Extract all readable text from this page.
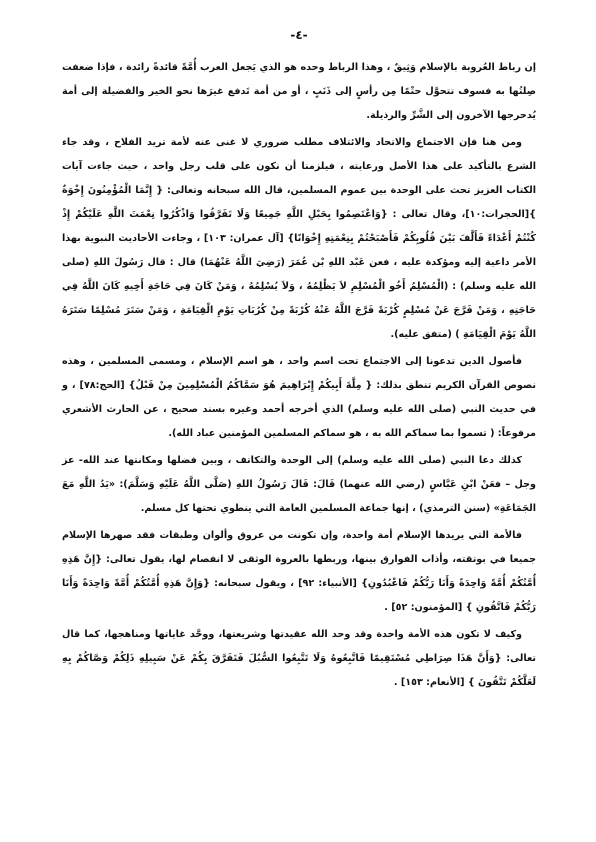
-٤-

إن رباط العُروبة بالإسلام وَثِيقٌ ، وهذا الرباط وحده هو الذي يَجعل العرب أُمَّةً قائدةً رائدة ، فإذا ضعفت صِلتُها به فسوف تتحوَّل حتْمًا مِن رأسٍ إلى ذَنَبٍ ، أو من أمة تَدفع غيرَها نحو الخير والفضيلة إلى أمة يُدحرجها الآخرون إلى الشَّرِّ والرذيلة.

ومن هنا فإن الاجتماع والاتحاد والائتلاف مطلب ضروري لا غنى عنه لأمة تريد الفلاح ، وقد جاء الشرع بالتأكيد على هذا الأصل ورعايته ، فيلزمنا أن نكون على قلب رجل واحد ، حيث جاءت آيات الكتاب العزيز تحث على الوحدة بين عموم المسلمين، قال الله سبحانه وتعالى: { إِنَّمَا الْمُؤْمِنُونَ إِخْوَةٌ }[الحجرات:١٠]، وقال تعالى : {وَاعْتَصِمُوا بِحَبْلِ اللَّهِ جَمِيعًا وَلَا تَفَرَّقُوا وَاذْكُرُوا نِعْمَتَ اللَّهِ عَلَيْكُمْ إِذْ كُنْتُمْ أَعْدَاءً فَأَلَّفَ بَيْنَ قُلُوبِكُمْ فَأَصْبَحْتُمْ بِنِعْمَتِهِ إِخْوَانًا} [آل عمران: ١٠٣] ، وجاءت الأحاديث النبوية بهذا الأمر داعية إليه ومؤكدة عليه ، فعن عَبْد اللهِ بْن عُمَرَ (رَضِيَ اللَّهُ عَنْهُمَا) قال : قال رَسُولَ اللهِ (صلى الله عليه وسلم) : (الْمُسْلِمُ أَخُو الْمُسْلِمِ لاَ يَظْلِمُهُ ، وَلاَ يُسْلِمُهُ ، وَمَنْ كَانَ فِي حَاجَةِ أَخِيهِ كَانَ اللَّهُ فِي حَاجَتِهِ ، وَمَنْ فَرَّجَ عَنْ مُسْلِمٍ كُرْبَةً فَرَّجَ اللَّهُ عَنْهُ كُرْبَةً مِنْ كُرُبَاتِ يَوْمِ الْقِيَامَةِ ، وَمَنْ سَتَرَ مُسْلِمًا سَتَرَهُ اللَّهُ يَوْمَ الْقِيَامَةِ ) (متفق عليه).

فأصول الدين تدعونا إلى الاجتماع تحت اسم واحد ، هو اسم الإسلام ، ومسمى المسلمين ، وهذه نصوص القرآن الكريم تنطق بذلك: { مِلَّةَ أَبِيكُمْ إِبْرَاهِيمَ هُوَ سَمَّاكُمُ الْمُسْلِمِينَ مِنْ قَبْلُ} [الحج:٧٨] ، و في حديث النبي (صلى الله عليه وسلم) الذي أخرجه أحمد وغيره بسند صحيح ، عن الحارث الأشعري مرفوعاً: ( تسموا بما سماكم الله به ، هو سماكم المسلمين المؤمنين عباد الله).

كذلك دعا النبي (صلى الله عليه وسلم) إلى الوحدة والتكاتف ، وبين فضلها ومكانتها عند الله- عز وجل – فعَنْ ابْنِ عَبَّاسٍ (رضي الله عنهما) قَالَ: قَالَ رَسُولُ اللهِ (صَلَّى اللَّهُ عَلَيْهِ وَسَلَّمَ): «يَدُ اللَّهِ مَعَ الجَمَاعَةِ» (سنن الترمذي) ، إنها جماعة المسلمين العامة التي ينطوي تحتها كل مسلم.

فالأمة التي يريدها الإسلام أمة واحدة، وإن تكونت من عروق وألوان وطبقات فقد صهرها الإسلام جميعا في بوتقته، وأذاب الفوارق بينها، وربطها بالعروة الوثقى لا انفصام لها، يقول تعالى: {إِنَّ هَذِهِ أُمَّتُكُمْ أُمَّةً وَاحِدَةً وَأَنَا رَبُّكُمْ فَاعْبُدُونِ} [الأنبياء: ٩٢] ، ويقول سبحانه: {وَإِنَّ هَذِهِ أُمَّتُكُمْ أُمَّةً وَاحِدَةً وَأَنَا رَبُّكُمْ فَاتَّقُونِ } [المؤمنون: ٥٢] .

وكيف لا تكون هذه الأمة واحدة وقد وحد الله عقيدتها وشريعتها، ووحَّد غاياتها ومناهجها، كما قال تعالى: {وَأَنَّ هَذَا صِرَاطِي مُسْتَقِيمًا فَاتَّبِعُوهُ وَلَا تَتَّبِعُوا السُّبُلَ فَتَفَرَّقَ بِكُمْ عَنْ سَبِيلِهِ ذَلِكُمْ وَصَّاكُمْ بِهِ لَعَلَّكُمْ تَتَّقُونَ } [الأنعام: ١٥٣] .
